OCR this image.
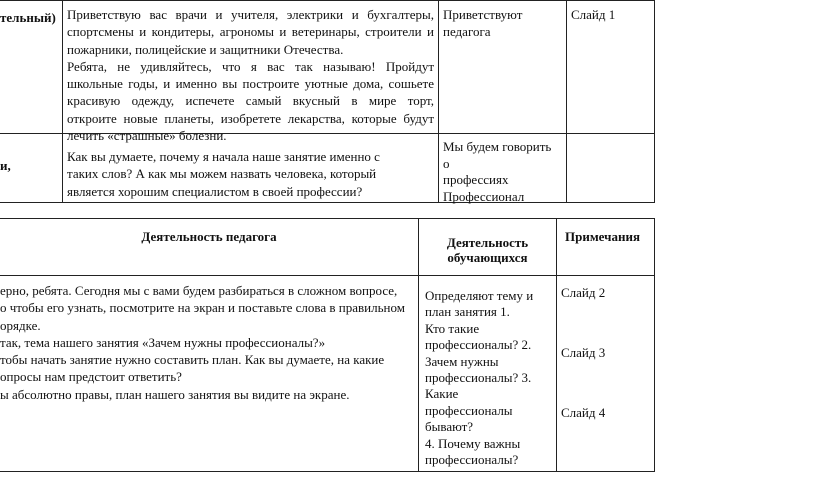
тельный) Приветствую вас врачи и учителя, электрики и бухгалтеры,
спортсмены и кондитеры, агрономы и ветеринары, строители и
пожарники, полицейские и защитники Отечества.
Ребята, не удивляйтесь, что я вас так называю! Пройдут
школьные годы, и именно вы построите уютные дома, сошьете
красивую одежду, испечете самый вкусный в мире торт,
откроите новые планеты, изобретете лекарства, которые будут
лечить «страшные» болезни.
Приветствуют
педагога
Слайд 1
и,
Как вы думаете, почему я начала наше занятие именно с
таких слов? А как мы можем назвать человека, который
является хорошим специалистом в своей профессии?
Мы будем говорить
о
профессиях
Профессионал
Деятельность педагога	Деятельность
обучающихся
Примечания
ерно, ребята. Сегодня мы с вами будем разбираться в сложном вопросе,
о чтобы его узнать, посмотрите на экран и поставьте слова в правильном
орядке.
так, тема нашего занятия «Зачем нужны профессионалы?»
тобы начать занятие нужно составить план. Как вы думаете, на какие
опросы нам предстоит ответить?
ы абсолютно правы, план нашего занятия вы видите на экране.
Определяют тему и
план занятия 1.
Кто такие
профессионалы? 2.
Зачем нужны
профессионалы? 3.
Какие
профессионалы
бывают?
4. Почему важны
профессионалы?
Слайд 2
Слайд 3
Слайд 4
